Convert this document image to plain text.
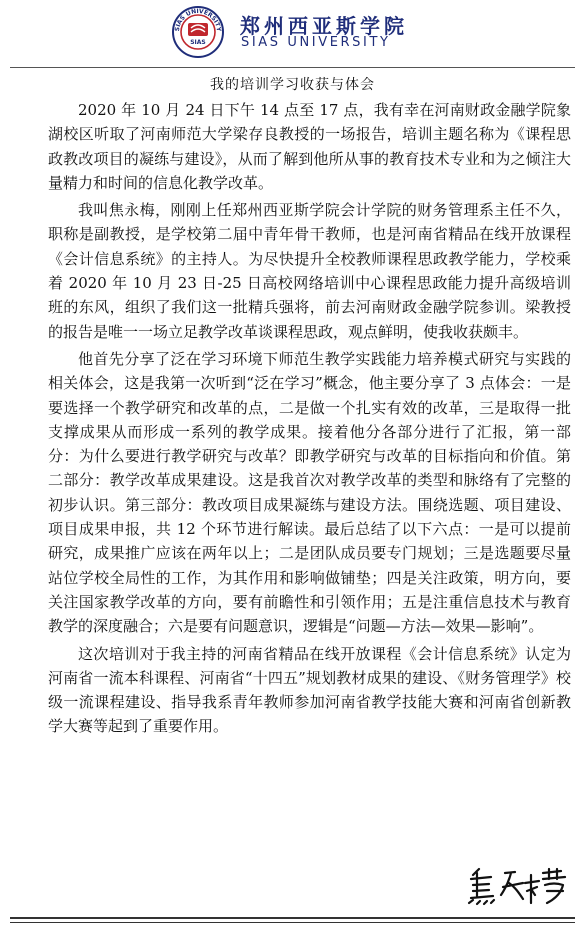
SIAS UNIVERSITY
SIAS
郑州西亚斯学院
SIAS UNIVERSITY
我的培训学习收获与体会

2020 年 10 月 24 日下午 14 点至 17 点，我有幸在河南财政金融学院象湖校区听取了河南师范大学梁存良教授的一场报告，培训主题名称为《课程思政教改项目的凝练与建设》，从而了解到他所从事的教育技术专业和为之倾注大量精力和时间的信息化教学改革。

我叫焦永梅，刚刚上任郑州西亚斯学院会计学院的财务管理系主任不久，职称是副教授，是学校第二届中青年骨干教师，也是河南省精品在线开放课程《会计信息系统》的主持人。为尽快提升全校教师课程思政教学能力，学校乘着 2020 年 10 月 23 日-25 日高校网络培训中心课程思政能力提升高级培训班的东风，组织了我们这一批精兵强将，前去河南财政金融学院参训。梁教授的报告是唯一一场立足教学改革谈课程思政，观点鲜明，使我收获颇丰。

他首先分享了泛在学习环境下师范生教学实践能力培养模式研究与实践的相关体会，这是我第一次听到“泛在学习”概念，他主要分享了 3 点体会：一是要选择一个教学研究和改革的点，二是做一个扎实有效的改革，三是取得一批支撑成果从而形成一系列的教学成果。接着他分各部分进行了汇报，第一部分：为什么要进行教学研究与改革？即教学研究与改革的目标指向和价值。第二部分：教学改革成果建设。这是我首次对教学改革的类型和脉络有了完整的初步认识。第三部分：教改项目成果凝练与建设方法。围绕选题、项目建设、项目成果申报，共 12 个环节进行解读。最后总结了以下六点：一是可以提前研究，成果推广应该在两年以上；二是团队成员要专门规划；三是选题要尽量站位学校全局性的工作，为其作用和影响做铺垫；四是关注政策，明方向，要关注国家教学改革的方向，要有前瞻性和引领作用；五是注重信息技术与教育教学的深度融合；六是要有问题意识，逻辑是“问题—方法—效果—影响”。

这次培训对于我主持的河南省精品在线开放课程《会计信息系统》认定为河南省一流本科课程、河南省“十四五”规划教材成果的建设、《财务管理学》校级一流课程建设、指导我系青年教师参加河南省教学技能大赛和河南省创新教学大赛等起到了重要作用。
